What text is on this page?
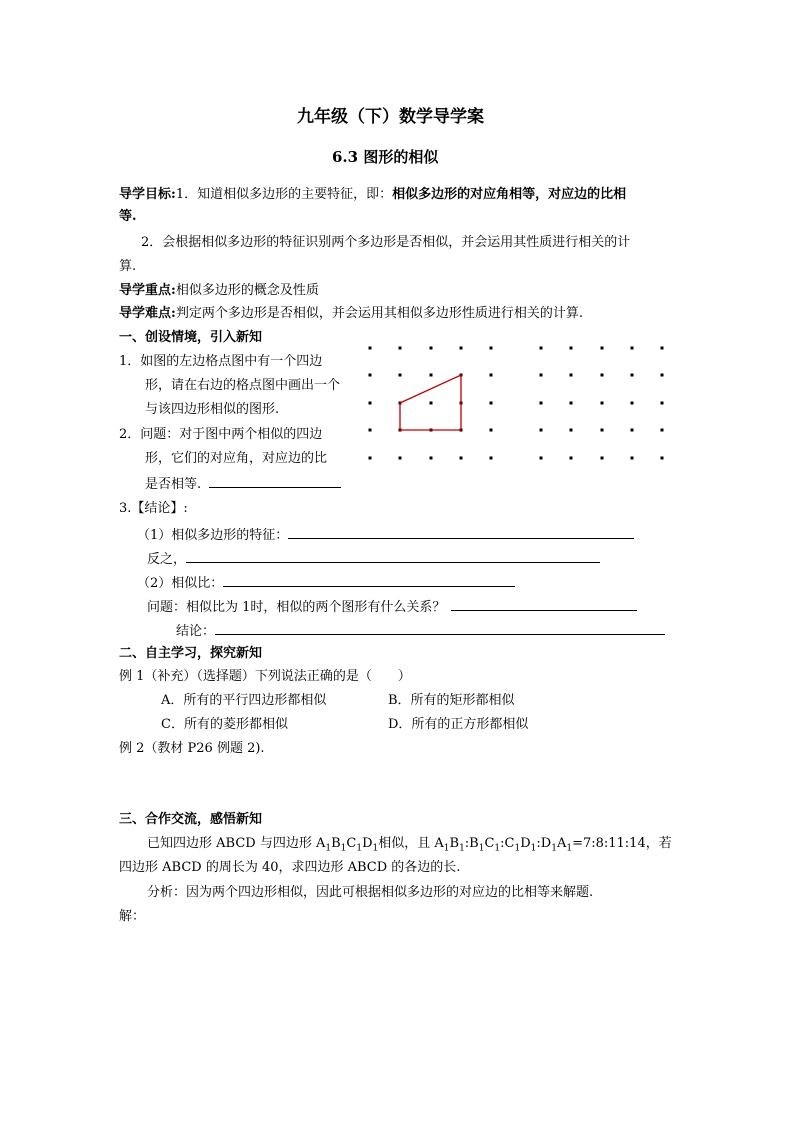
九年级（下）数学导学案
6.3 图形的相似
导学目标:1．知道相似多边形的主要特征，即：相似多边形的对应角相等，对应边的比相
等.
2．会根据相似多边形的特征识别两个多边形是否相似，并会运用其性质进行相关的计
算.
导学重点:相似多边形的概念及性质
导学难点:判定两个多边形是否相似，并会运用其相似多边形性质进行相关的计算.
一、创设情境，引入新知
1．如图的左边格点图中有一个四边
形，请在右边的格点图中画出一个
与该四边形相似的图形.
2．问题：对于图中两个相似的四边
形，它们的对应角，对应边的比
是否相等.
3.【结论】:
（1）相似多边形的特征：
反之，
（2）相似比：
问题：相似比为 1时，相似的两个图形有什么关系？
结论：
二、自主学习，探究新知
例 1（补充）（选择题）下列说法正确的是（　　）
A．所有的平行四边形都相似	B．所有的矩形都相似
C．所有的菱形都相似	D．所有的正方形都相似
例 2（教材 P26 例题 2).
三、合作交流，感悟新知
已知四边形 ABCD 与四边形 $A_1B_1C_1D_1$相似，且 $A_1B_1:B_1C_1:C_1D_1:D_1A_1=7:8:11:14$，若
四边形 ABCD 的周长为 40，求四边形 ABCD 的各边的长.
分析：因为两个四边形相似，因此可根据相似多边形的对应边的比相等来解题.
解：
